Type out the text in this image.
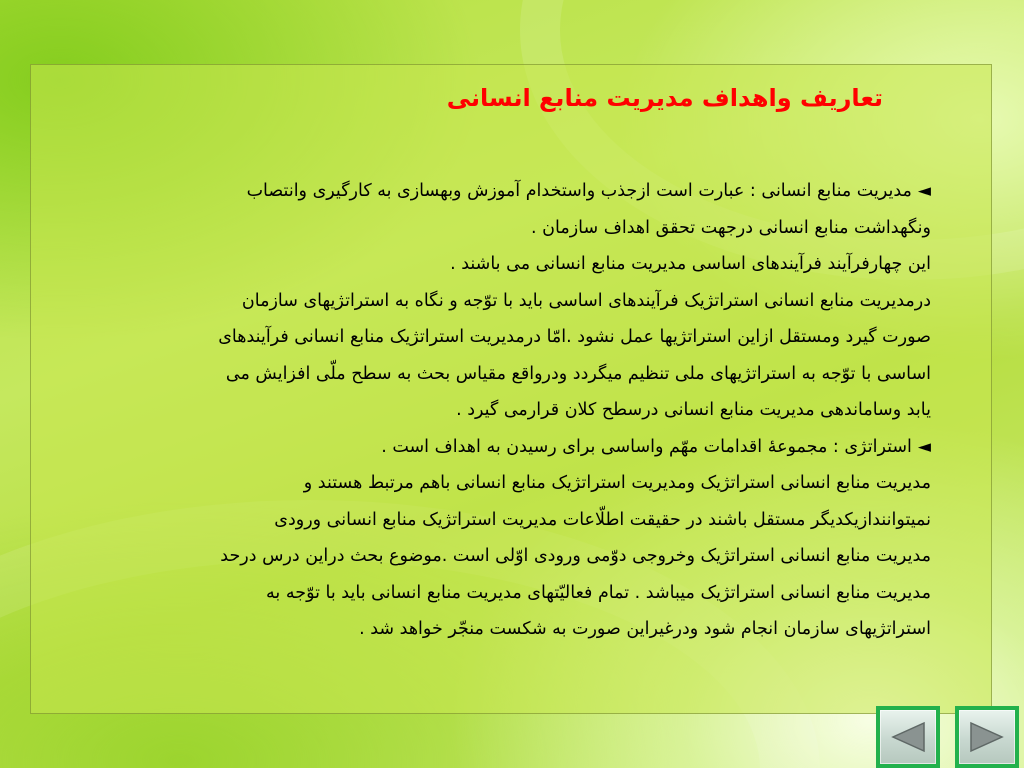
تعاریف واهداف مدیریت منابع انسانی
◄مدیریت منابع انسانی : عبارت است ازجذب واستخدام آموزش وبهسازی به کارگیری وانتصاب
ونگهداشت منابع انسانی درجهت تحقق اهداف سازمان .
این چهارفرآیند فرآیندهای اساسی مدیریت منابع انسانی می باشند .
درمدیریت منابع انسانی استراتژیک فرآیندهای اساسی باید با توّجه و نگاه به استراتژیهای سازمان
صورت گیرد ومستقل ازاین استراتژیها عمل نشود .امّا درمدیریت استراتژیک منابع انسانی فرآیندهای
اساسی با توّجه به استراتژیهای ملی تنظیم میگردد ودرواقع مقیاس بحث به سطح ملّی افزایش می
یابد وساماندهی مدیریت منابع انسانی درسطح کلان قرارمی گیرد .
◄استراتژی : مجموعۀ اقدامات مهّم واساسی برای رسیدن به اهداف است .
مدیریت منابع انسانی استراتژیک ومدیریت استراتژیک منابع انسانی باهم مرتبط هستند و
نمیتوانندازیکدیگر مستقل باشند در حقیقت اطلّاعات مدیریت استراتژیک منابع انسانی ورودی
مدیریت منابع انسانی استراتژیک وخروجی دوّمی ورودی اوّلی است .موضوع بحث دراین درس درحد
مدیریت منابع انسانی استراتژیک میباشد . تمام فعالیّتهای مدیریت منابع انسانی باید با توّجه به
استراتژیهای سازمان انجام شود ودرغیراین صورت به شکست منجّر خواهد شد .
